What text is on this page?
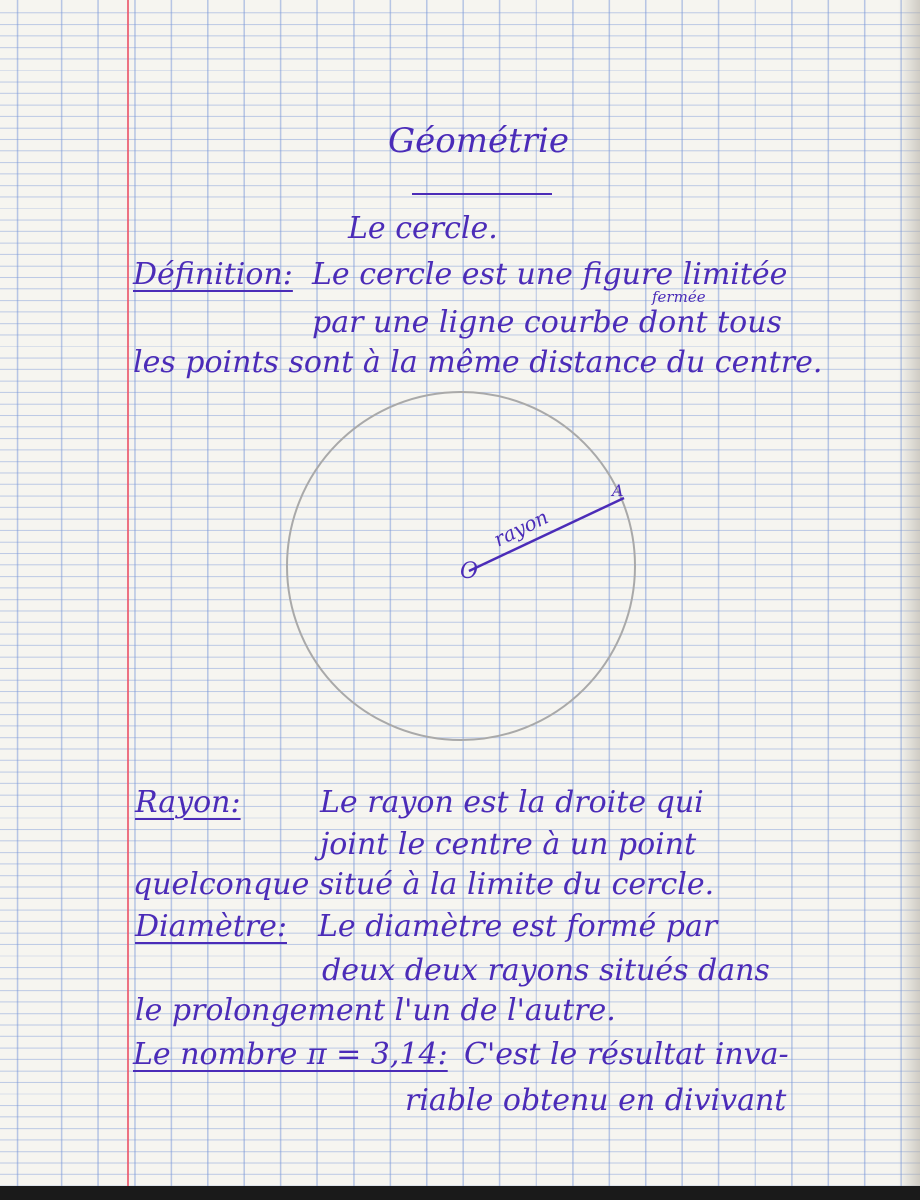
Géométrie

Le cercle.

Définition: Le cercle est une figure limitée

fermée

par une ligne courbe dont tous

les points sont à la même distance du centre.

O
A
rayon

Rayon:	Le rayon est la droite qui

joint le centre à un point

quelconque situé à la limite du cercle.

Diamètre: Le diamètre est formé par

deux deux rayons situés dans

le prolongement l'un de l'autre.

Le nombre π = 3,14: C'est le résultat inva-

riable obtenu en divivant
